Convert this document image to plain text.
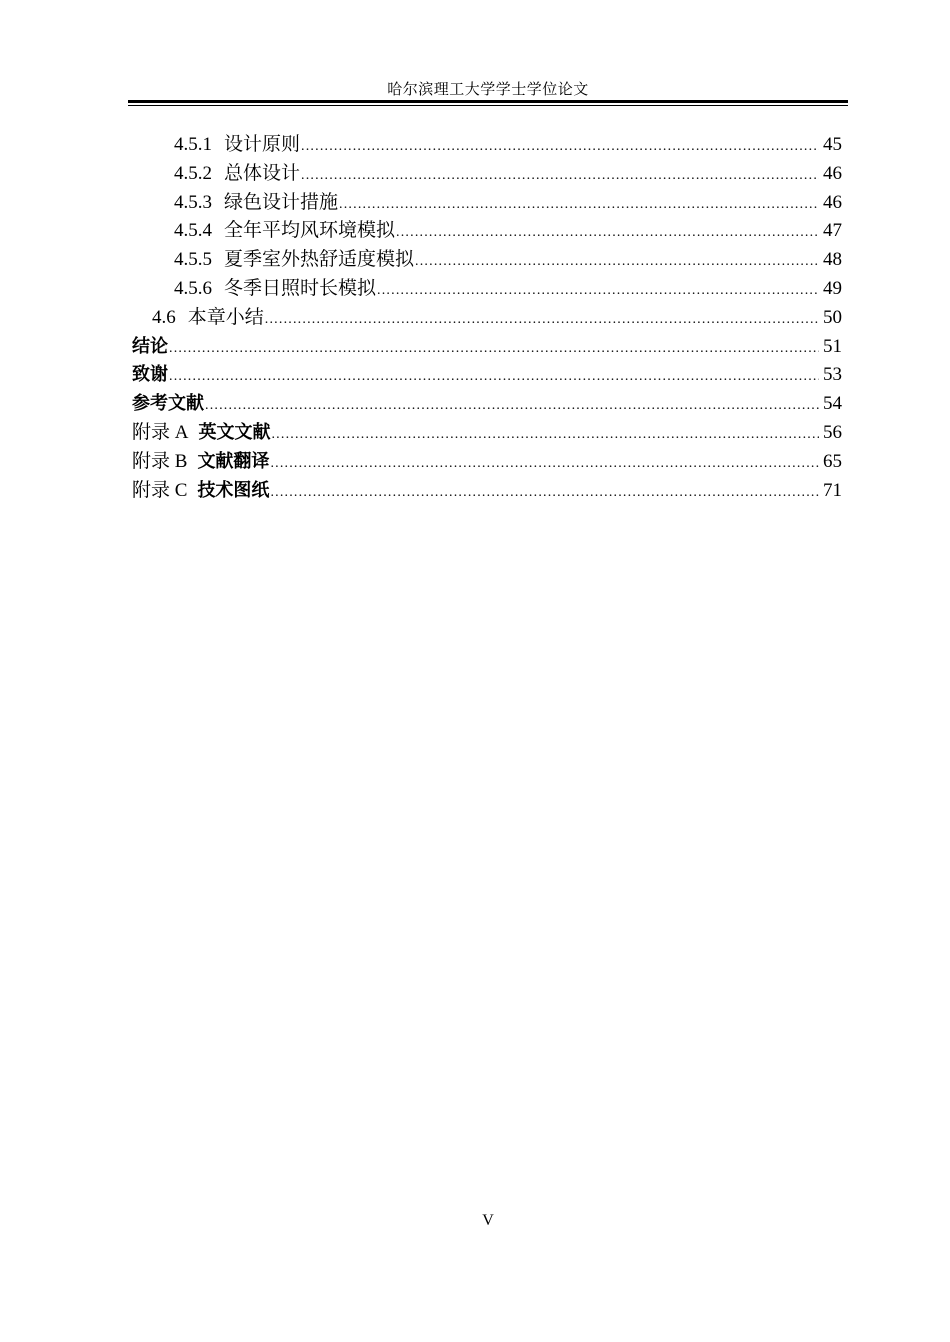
哈尔滨理工大学学士学位论文
4.5.1 设计原则 .....	45
4.5.2 总体设计 .....	46
4.5.3 绿色设计措施 .....	46
4.5.4 全年平均风环境模拟 .....	47
4.5.5 夏季室外热舒适度模拟 .....	48
4.5.6 冬季日照时长模拟 .....	49
4.6 本章小结 .....	50
结论 .....	51
致谢 .....	53
参考文献 .....	54
附录 A 英文文献 .....	56
附录 B 文献翻译 .....	65
附录 C 技术图纸 .....	71
V
